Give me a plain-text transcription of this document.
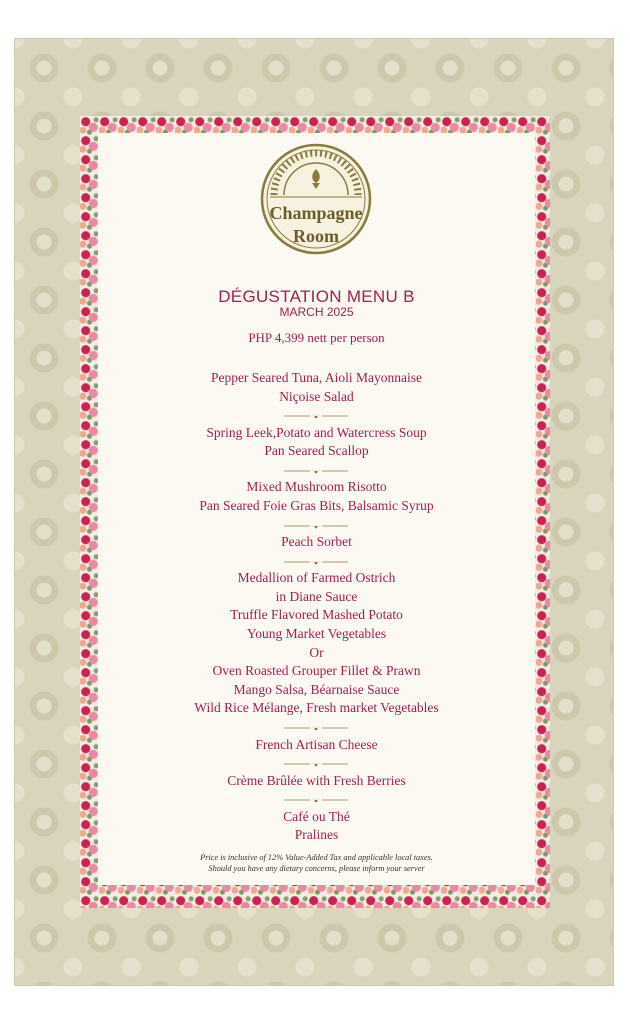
Champagne
Room
DÉGUSTATION MENU B
MARCH 2025
PHP 4,399 nett per person
Pepper Seared Tuna, Aioli Mayonnaise
Niçoise Salad
Spring Leek,Potato and Watercress Soup
Pan Seared Scallop
Mixed Mushroom Risotto
Pan Seared Foie Gras Bits, Balsamic Syrup
Peach Sorbet
Medallion of Farmed Ostrich
in Diane Sauce
Truffle Flavored Mashed Potato
Young Market Vegetables
Or
Oven Roasted Grouper Fillet & Prawn
Mango Salsa, Béarnaise Sauce
Wild Rice Mélange, Fresh market Vegetables
French Artisan Cheese
Crème Brûlée with Fresh Berries
Café ou Thé
Pralines
Price is inclusive of 12% Value-Added Tax and applicable local taxes.
Should you have any dietary concerns, please inform your server
